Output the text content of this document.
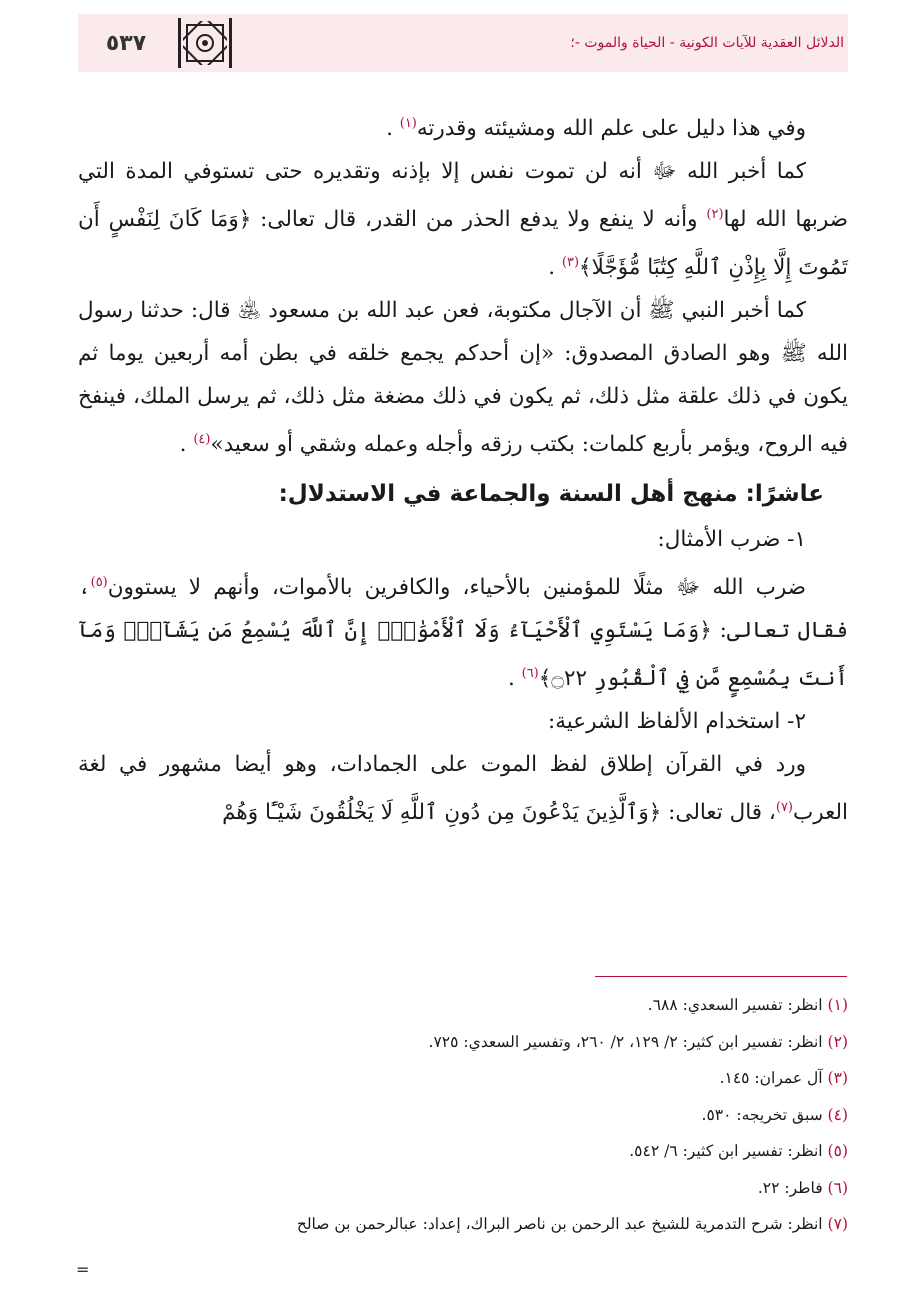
٥٣٧	الدلائل العقدية للآيات الكونية - الحياة والموت -؛

وفي هذا دليل على علم الله ومشيئته وقدرته$^{(١)}$ .

كما أخبر الله ﷻ أنه لن تموت نفس إلا بإذنه وتقديره حتى تستوفي المدة التي ضربها الله لها$^{(٢)}$ وأنه لا ينفع ولا يدفع الحذر من القدر، قال تعالى: ﴿وَمَا كَانَ لِنَفْسٍ أَن تَمُوتَ إِلَّا بِإِذْنِ ٱللَّهِ كِتَٰبًا مُّؤَجَّلًا﴾$^{(٣)}$ .

كما أخبر النبي ﷺ أن الآجال مكتوبة، فعن عبد الله بن مسعود ﵁ قال: حدثنا رسول الله ﷺ وهو الصادق المصدوق: «إن أحدكم يجمع خلقه في بطن أمه أربعين يوما ثم يكون في ذلك علقة مثل ذلك، ثم يكون في ذلك مضغة مثل ذلك، ثم يرسل الملك، فينفخ فيه الروح، ويؤمر بأربع كلمات: بكتب رزقه وأجله وعمله وشقي أو سعيد»$^{(٤)}$ .

عاشرًا: منهج أهل السنة والجماعة في الاستدلال:

١- ضرب الأمثال:

ضرب الله ﷻ مثلًا للمؤمنين بالأحياء، والكافرين بالأموات، وأنهم لا يستوون$^{(٥)}$، فقال تعالى: ﴿وَمَا يَسْتَوِي ٱلْأَحْيَآءُ وَلَا ٱلْأَمْوَٰتُۚ إِنَّ ٱللَّهَ يُسْمِعُ مَن يَشَآءُۖ وَمَآ أَنتَ بِمُسْمِعٍ مَّن فِي ٱلْقُبُورِ ۝٢٢﴾$^{(٦)}$ .

٢- استخدام الألفاظ الشرعية:

ورد في القرآن إطلاق لفظ الموت على الجمادات، وهو أيضا مشهور في لغة العرب$^{(٧)}$، قال تعالى: ﴿وَٱلَّذِينَ يَدْعُونَ مِن دُونِ ٱللَّهِ لَا يَخْلُقُونَ شَيْـًٔا وَهُمْ

(١) انظر: تفسير السعدي: ٦٨٨.
(٢) انظر: تفسير ابن كثير: ٢/ ١٢٩، ٢/ ٢٦٠، وتفسير السعدي: ٧٢٥.
(٣) آل عمران: ١٤٥.
(٤) سبق تخريجه: ٥٣٠.
(٥) انظر: تفسير ابن كثير: ٦/ ٥٤٢.
(٦) فاطر: ٢٢.
(٧) انظر: شرح التدمرية للشيخ عبد الرحمن بن ناصر البراك، إعداد: عبالرحمن بن صالح
=
